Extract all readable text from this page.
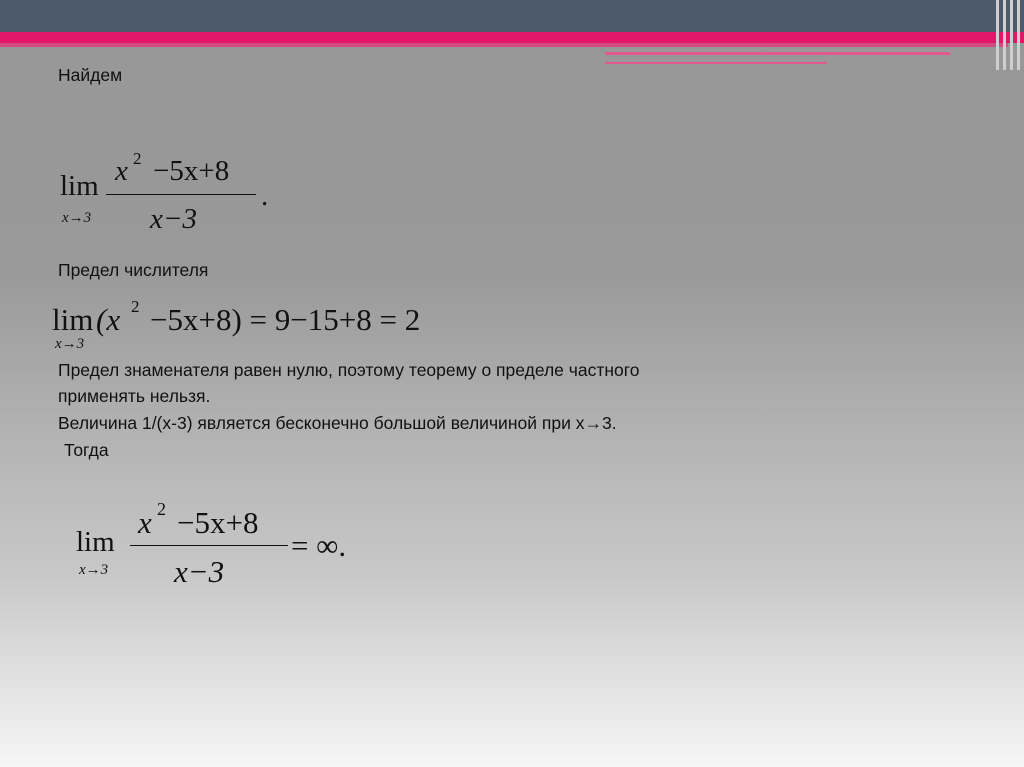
Найдем
lim
x→3
x 2 −5x+8
x−3
.
Предел числителя
lim
x→3
(x 2 −5x+8) = 9−15+8 = 2
Предел знаменателя равен нулю, поэтому теорему о пределе частного
применять нельзя.
Величина 1/(х-3) является бесконечно большой величиной при х→3.
Тогда
lim
x→3
x 2 −5x+8
x−3
= ∞.
